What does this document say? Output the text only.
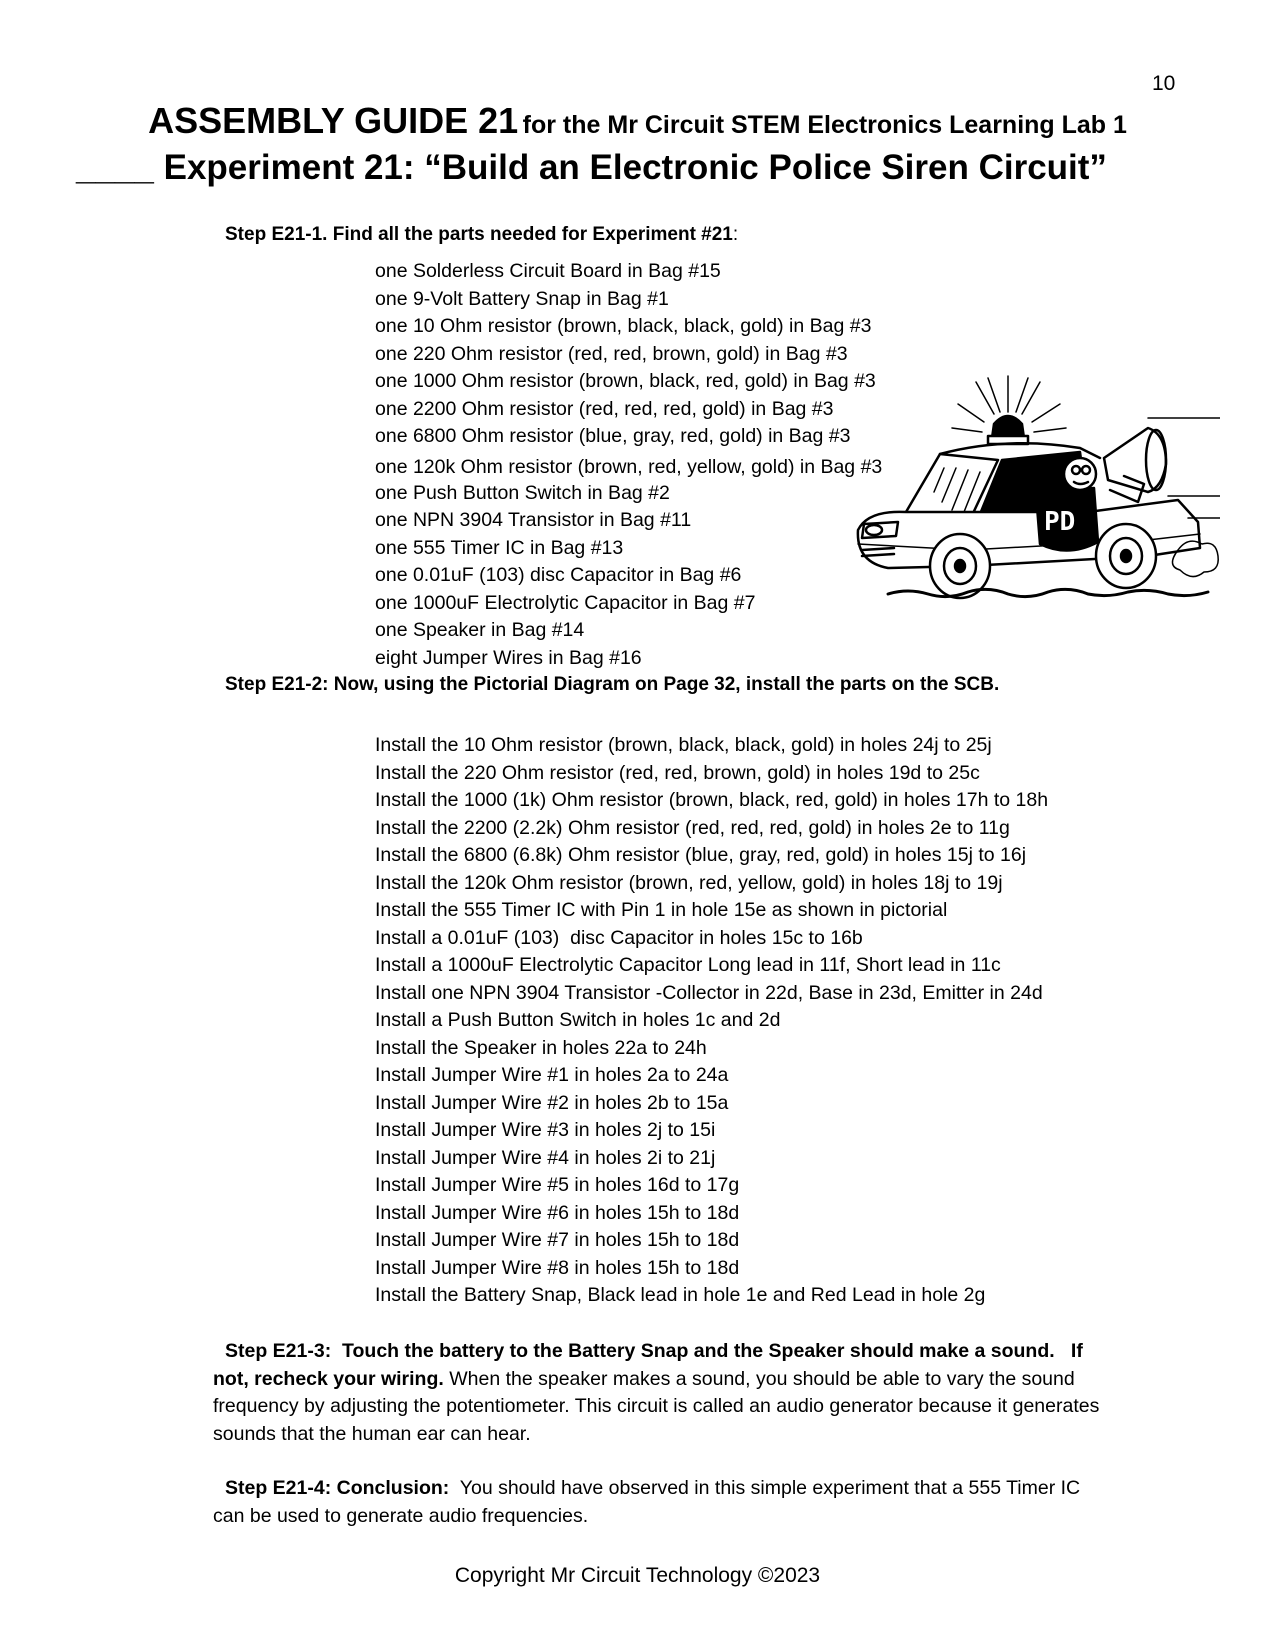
10
ASSEMBLY GUIDE 21 for the Mr Circuit STEM Electronics Learning Lab 1
____ Experiment 21: “Build an Electronic Police Siren Circuit”
Step E21-1. Find all the parts needed for Experiment #21:
one Solderless Circuit Board in Bag #15
one 9-Volt Battery Snap in Bag #1
one 10 Ohm resistor (brown, black, black, gold) in Bag #3
one 220 Ohm resistor (red, red, brown, gold) in Bag #3
one 1000 Ohm resistor (brown, black, red, gold) in Bag #3
one 2200 Ohm resistor (red, red, red, gold) in Bag #3
one 6800 Ohm resistor (blue, gray, red, gold) in Bag #3
one 120k Ohm resistor (brown, red, yellow, gold) in Bag #3
one Push Button Switch in Bag #2
one NPN 3904 Transistor in Bag #11
one 555 Timer IC in Bag #13
one 0.01uF (103) disc Capacitor in Bag #6
one 1000uF Electrolytic Capacitor in Bag #7
one Speaker in Bag #14
eight Jumper Wires in Bag #16
PD
Step E21-2: Now, using the Pictorial Diagram on Page 32, install the parts on the SCB.
Install the 10 Ohm resistor (brown, black, black, gold) in holes 24j to 25j
Install the 220 Ohm resistor (red, red, brown, gold) in holes 19d to 25c
Install the 1000 (1k) Ohm resistor (brown, black, red, gold) in holes 17h to 18h
Install the 2200 (2.2k) Ohm resistor (red, red, red, gold) in holes 2e to 11g
Install the 6800 (6.8k) Ohm resistor (blue, gray, red, gold) in holes 15j to 16j
Install the 120k Ohm resistor (brown, red, yellow, gold) in holes 18j to 19j
Install the 555 Timer IC with Pin 1 in hole 15e as shown in pictorial
Install a 0.01uF (103)  disc Capacitor in holes 15c to 16b
Install a 1000uF Electrolytic Capacitor Long lead in 11f, Short lead in 11c
Install one NPN 3904 Transistor -Collector in 22d, Base in 23d, Emitter in 24d
Install a Push Button Switch in holes 1c and 2d
Install the Speaker in holes 22a to 24h
Install Jumper Wire #1 in holes 2a to 24a
Install Jumper Wire #2 in holes 2b to 15a
Install Jumper Wire #3 in holes 2j to 15i
Install Jumper Wire #4 in holes 2i to 21j
Install Jumper Wire #5 in holes 16d to 17g
Install Jumper Wire #6 in holes 15h to 18d
Install Jumper Wire #7 in holes 15h to 18d
Install Jumper Wire #8 in holes 15h to 18d
Install the Battery Snap, Black lead in hole 1e and Red Lead in hole 2g
Step E21-3:  Touch the battery to the Battery Snap and the Speaker should make a sound.   If not, recheck your wiring. When the speaker makes a sound, you should be able to vary the sound frequency by adjusting the potentiometer. This circuit is called an audio generator because it generates sounds that the human ear can hear.
Step E21-4: Conclusion:  You should have observed in this simple experiment that a 555 Timer IC can be used to generate audio frequencies.
Copyright Mr Circuit Technology ©2023
